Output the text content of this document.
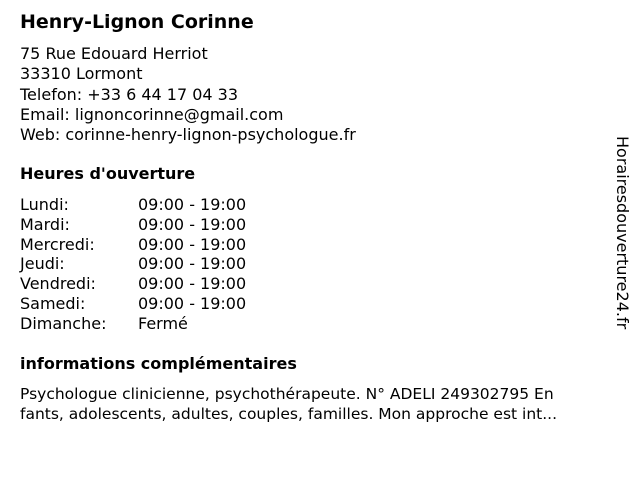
Henry-Lignon Corinne
75 Rue Edouard Herriot
33310 Lormont
Telefon: +33 6 44 17 04 33
Email: lignoncorinne@gmail.com
Web: corinne-henry-lignon-psychologue.fr
Heures d'ouverture
Lundi:	09:00 - 19:00
Mardi:	09:00 - 19:00
Mercredi:	09:00 - 19:00
Jeudi:	09:00 - 19:00
Vendredi:	09:00 - 19:00
Samedi:	09:00 - 19:00
Dimanche:	Fermé
informations complémentaires
Psychologue clinicienne, psychothérapeute. N° ADELI 249302795 En
fants, adolescents, adultes, couples, familles. Mon approche est int...
Horairesdouverture24.fr
